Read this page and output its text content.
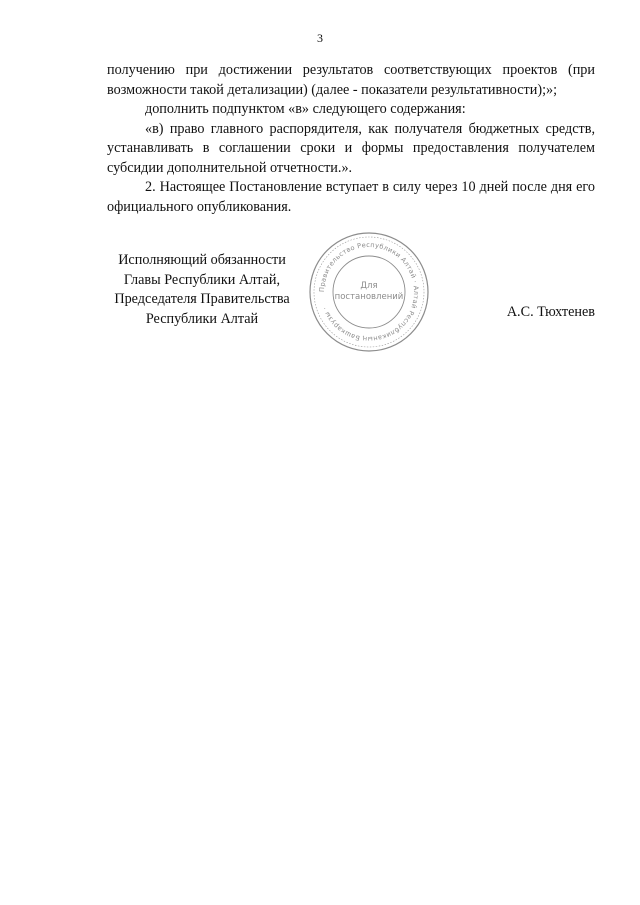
3

получению при достижении результатов соответствующих проектов (при возможности такой детализации) (далее - показатели результативности);»;

дополнить подпунктом «в» следующего содержания:

«в) право главного распорядителя, как получателя бюджетных средств, устанавливать в соглашении сроки и формы предоставления получателем субсидии дополнительной отчетности.».

2. Настоящее Постановление вступает в силу через 10 дней после дня его официального опубликования.

Исполняющий обязанности
Главы Республики Алтай,
Председателя Правительства
Республики Алтай
Правительство Республики Алтай · Алтай Республиканың Башкарузы ·
Для
постановлений
А.С. Тюхтенев
